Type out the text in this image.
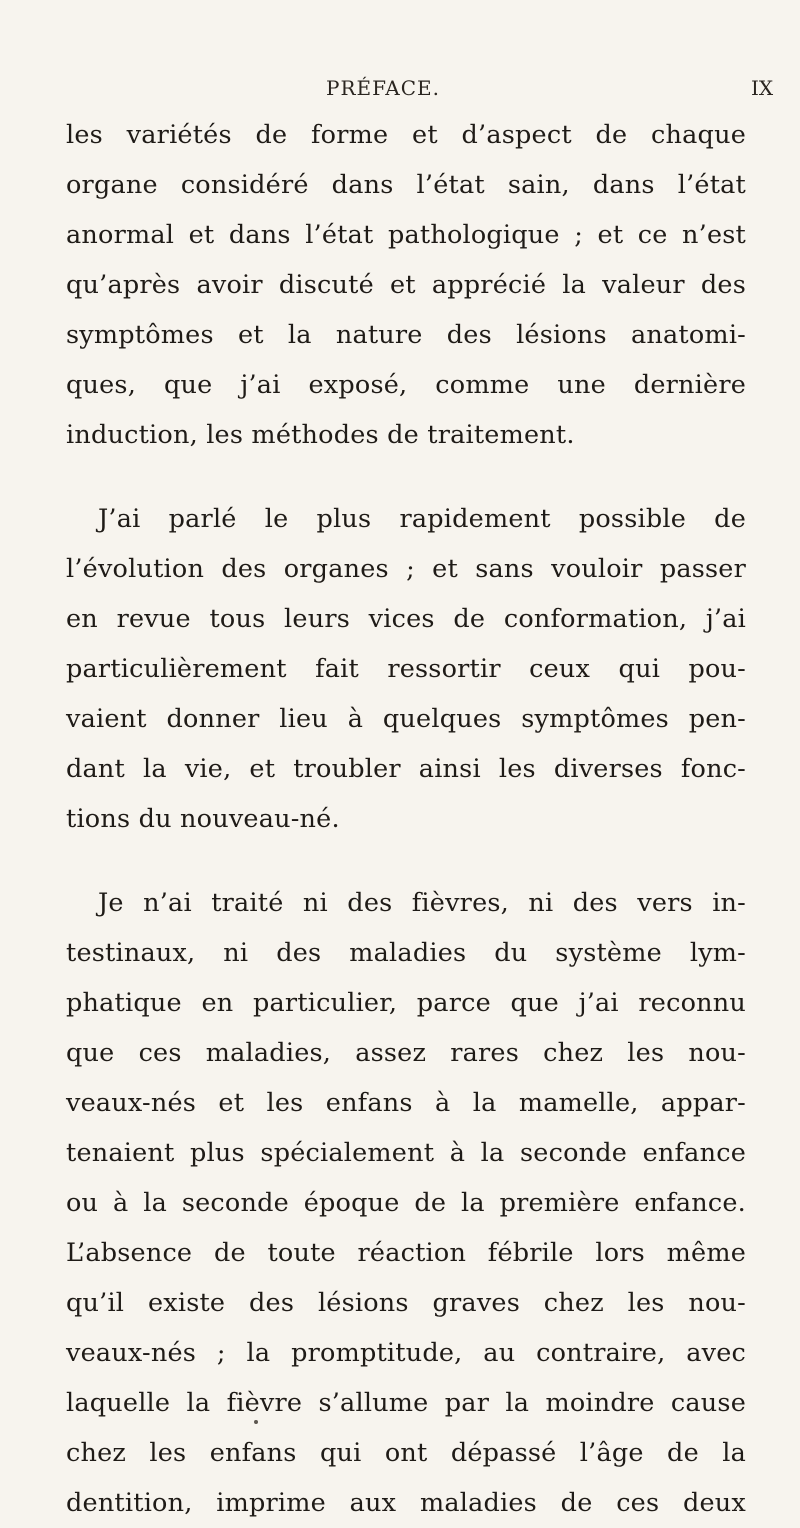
PRÉFACE.	IX
les variétés de forme et d’aspect de chaque
organe considéré dans l’état sain, dans l’état
anormal et dans l’état pathologique ; et ce n’est
qu’après avoir discuté et apprécié la valeur des
symptômes et la nature des lésions anatomi-
ques, que j’ai exposé, comme une dernière
induction, les méthodes de traitement.
J’ai parlé le plus rapidement possible de
l’évolution des organes ; et sans vouloir passer
en revue tous leurs vices de conformation, j’ai
particulièrement fait ressortir ceux qui pou-
vaient donner lieu à quelques symptômes pen-
dant la vie, et troubler ainsi les diverses fonc-
tions du nouveau-né.
Je n’ai traité ni des fièvres, ni des vers in-
testinaux, ni des maladies du système lym-
phatique en particulier, parce que j’ai reconnu
que ces maladies, assez rares chez les nou-
veaux-nés et les enfans à la mamelle, appar-
tenaient plus spécialement à la seconde enfance
ou à la seconde époque de la première enfance.
L’absence de toute réaction fébrile lors même
qu’il existe des lésions graves chez les nou-
veaux-nés ; la promptitude, au contraire, avec
laquelle la fièvre s’allume par la moindre cause
chez les enfans qui ont dépassé l’âge de la
dentition, imprime aux maladies de ces deux
